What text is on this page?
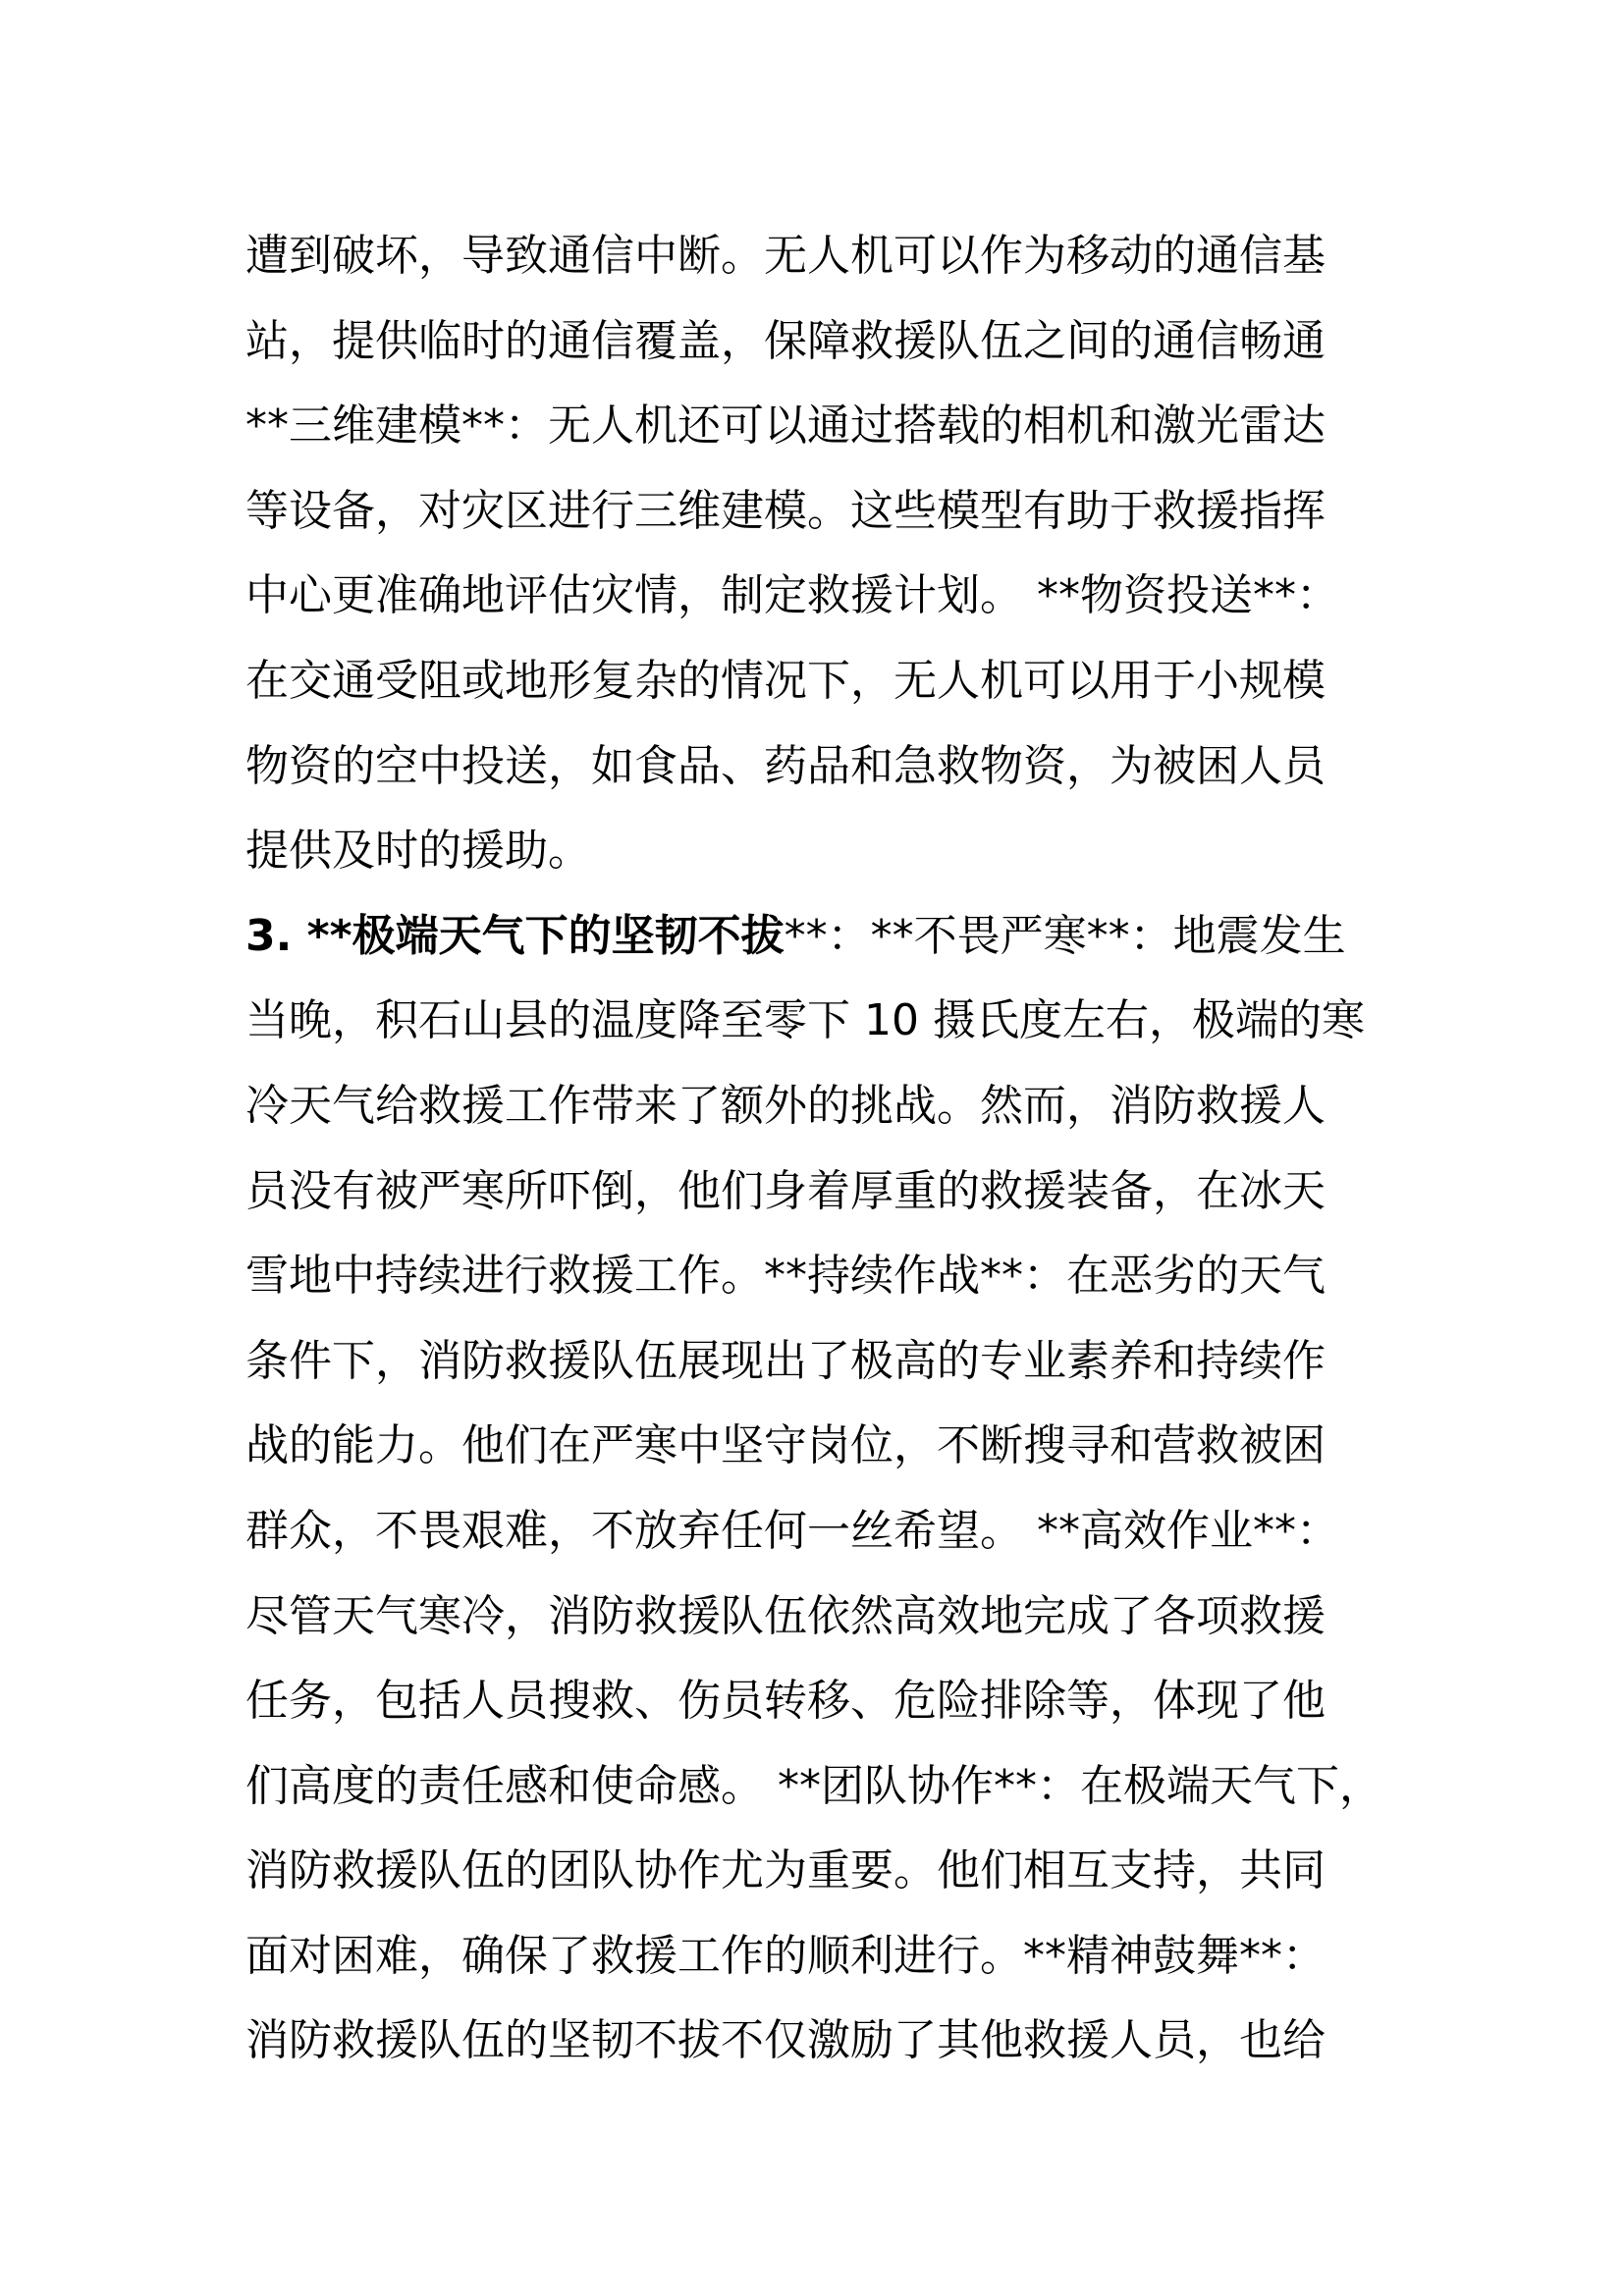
遭到破坏，导致通信中断。无人机可以作为移动的通信基
站，提供临时的通信覆盖，保障救援队伍之间的通信畅通
**三维建模**：无人机还可以通过搭载的相机和激光雷达
等设备，对灾区进行三维建模。这些模型有助于救援指挥
中心更准确地评估灾情，制定救援计划。 **物资投送**：
在交通受阻或地形复杂的情况下，无人机可以用于小规模
物资的空中投送，如食品、药品和急救物资，为被困人员
提供及时的援助。
3. **极端天气下的坚韧不拔**：**不畏严寒**：地震发生
当晚，积石山县的温度降至零下 10 摄氏度左右，极端的寒
冷天气给救援工作带来了额外的挑战。然而，消防救援人
员没有被严寒所吓倒，他们身着厚重的救援装备，在冰天
雪地中持续进行救援工作。**持续作战**：在恶劣的天气
条件下，消防救援队伍展现出了极高的专业素养和持续作
战的能力。他们在严寒中坚守岗位，不断搜寻和营救被困
群众，不畏艰难，不放弃任何一丝希望。 **高效作业**：
尽管天气寒冷，消防救援队伍依然高效地完成了各项救援
任务，包括人员搜救、伤员转移、危险排除等，体现了他
们高度的责任感和使命感。 **团队协作**：在极端天气下，
消防救援队伍的团队协作尤为重要。他们相互支持，共同
面对困难，确保了救援工作的顺利进行。**精神鼓舞**：
消防救援队伍的坚韧不拔不仅激励了其他救援人员，也给
